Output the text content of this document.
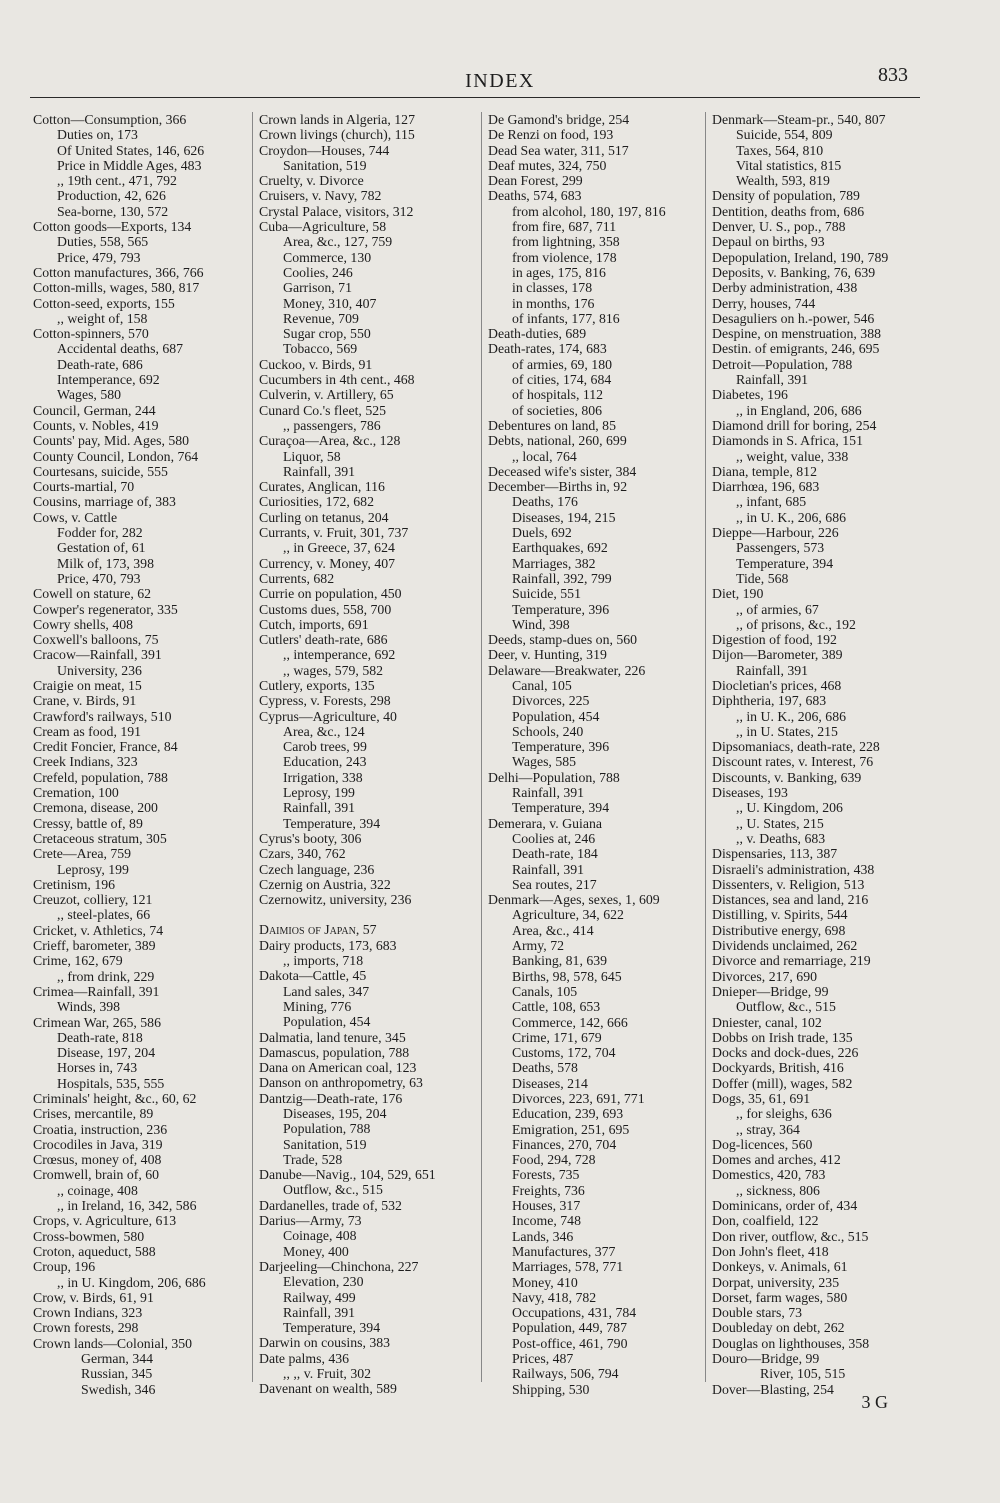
INDEX	833
Cotton—Consumption, 366
Duties on, 173
Of United States, 146, 626
Price in Middle Ages, 483
,, 19th cent., 471, 792
Production, 42, 626
Sea-borne, 130, 572
Cotton goods—Exports, 134
Duties, 558, 565
Price, 479, 793
Cotton manufactures, 366, 766
Cotton-mills, wages, 580, 817
Cotton-seed, exports, 155
,, weight of, 158
Cotton-spinners, 570
Accidental deaths, 687
Death-rate, 686
Intemperance, 692
Wages, 580
Council, German, 244
Counts, v. Nobles, 419
Counts' pay, Mid. Ages, 580
County Council, London, 764
Courtesans, suicide, 555
Courts-martial, 70
Cousins, marriage of, 383
Cows, v. Cattle
Fodder for, 282
Gestation of, 61
Milk of, 173, 398
Price, 470, 793
Cowell on stature, 62
Cowper's regenerator, 335
Cowry shells, 408
Coxwell's balloons, 75
Cracow—Rainfall, 391
University, 236
Craigie on meat, 15
Crane, v. Birds, 91
Crawford's railways, 510
Cream as food, 191
Credit Foncier, France, 84
Creek Indians, 323
Crefeld, population, 788
Cremation, 100
Cremona, disease, 200
Cressy, battle of, 89
Cretaceous stratum, 305
Crete—Area, 759
Leprosy, 199
Cretinism, 196
Creuzot, colliery, 121
,, steel-plates, 66
Cricket, v. Athletics, 74
Crieff, barometer, 389
Crime, 162, 679
,, from drink, 229
Crimea—Rainfall, 391
Winds, 398
Crimean War, 265, 586
Death-rate, 818
Disease, 197, 204
Horses in, 743
Hospitals, 535, 555
Criminals' height, &c., 60, 62
Crises, mercantile, 89
Croatia, instruction, 236
Crocodiles in Java, 319
Crœsus, money of, 408
Cromwell, brain of, 60
,, coinage, 408
,, in Ireland, 16, 342, 586
Crops, v. Agriculture, 613
Cross-bowmen, 580
Croton, aqueduct, 588
Croup, 196
,, in U. Kingdom, 206, 686
Crow, v. Birds, 61, 91
Crown Indians, 323
Crown forests, 298
Crown lands—Colonial, 350
German, 344
Russian, 345
Swedish, 346
Crown lands in Algeria, 127
Crown livings (church), 115
Croydon—Houses, 744
Sanitation, 519
Cruelty, v. Divorce
Cruisers, v. Navy, 782
Crystal Palace, visitors, 312
Cuba—Agriculture, 58
Area, &c., 127, 759
Commerce, 130
Coolies, 246
Garrison, 71
Money, 310, 407
Revenue, 709
Sugar crop, 550
Tobacco, 569
Cuckoo, v. Birds, 91
Cucumbers in 4th cent., 468
Culverin, v. Artillery, 65
Cunard Co.'s fleet, 525
,, passengers, 786
Curaçoa—Area, &c., 128
Liquor, 58
Rainfall, 391
Curates, Anglican, 116
Curiosities, 172, 682
Curling on tetanus, 204
Currants, v. Fruit, 301, 737
,, in Greece, 37, 624
Currency, v. Money, 407
Currents, 682
Currie on population, 450
Customs dues, 558, 700
Cutch, imports, 691
Cutlers' death-rate, 686
,, intemperance, 692
,, wages, 579, 582
Cutlery, exports, 135
Cypress, v. Forests, 298
Cyprus—Agriculture, 40
Area, &c., 124
Carob trees, 99
Education, 243
Irrigation, 338
Leprosy, 199
Rainfall, 391
Temperature, 394
Cyrus's booty, 306
Czars, 340, 762
Czech language, 236
Czernig on Austria, 322
Czernowitz, university, 236
Daimios of Japan, 57
Dairy products, 173, 683
,, imports, 718
Dakota—Cattle, 45
Land sales, 347
Mining, 776
Population, 454
Dalmatia, land tenure, 345
Damascus, population, 788
Dana on American coal, 123
Danson on anthropometry, 63
Dantzig—Death-rate, 176
Diseases, 195, 204
Population, 788
Sanitation, 519
Trade, 528
Danube—Navig., 104, 529, 651
Outflow, &c., 515
Dardanelles, trade of, 532
Darius—Army, 73
Coinage, 408
Money, 400
Darjeeling—Chinchona, 227
Elevation, 230
Railway, 499
Rainfall, 391
Temperature, 394
Darwin on cousins, 383
Date palms, 436
,, ,, v. Fruit, 302
Davenant on wealth, 589
De Gamond's bridge, 254
De Renzi on food, 193
Dead Sea water, 311, 517
Deaf mutes, 324, 750
Dean Forest, 299
Deaths, 574, 683
from alcohol, 180, 197, 816
from fire, 687, 711
from lightning, 358
from violence, 178
in ages, 175, 816
in classes, 178
in months, 176
of infants, 177, 816
Death-duties, 689
Death-rates, 174, 683
of armies, 69, 180
of cities, 174, 684
of hospitals, 112
of societies, 806
Debentures on land, 85
Debts, national, 260, 699
,, local, 764
Deceased wife's sister, 384
December—Births in, 92
Deaths, 176
Diseases, 194, 215
Duels, 692
Earthquakes, 692
Marriages, 382
Rainfall, 392, 799
Suicide, 551
Temperature, 396
Wind, 398
Deeds, stamp-dues on, 560
Deer, v. Hunting, 319
Delaware—Breakwater, 226
Canal, 105
Divorces, 225
Population, 454
Schools, 240
Temperature, 396
Wages, 585
Delhi—Population, 788
Rainfall, 391
Temperature, 394
Demerara, v. Guiana
Coolies at, 246
Death-rate, 184
Rainfall, 391
Sea routes, 217
Denmark—Ages, sexes, 1, 609
Agriculture, 34, 622
Area, &c., 414
Army, 72
Banking, 81, 639
Births, 98, 578, 645
Canals, 105
Cattle, 108, 653
Commerce, 142, 666
Crime, 171, 679
Customs, 172, 704
Deaths, 578
Diseases, 214
Divorces, 223, 691, 771
Education, 239, 693
Emigration, 251, 695
Finances, 270, 704
Food, 294, 728
Forests, 735
Freights, 736
Houses, 317
Income, 748
Lands, 346
Manufactures, 377
Marriages, 578, 771
Money, 410
Navy, 418, 782
Occupations, 431, 784
Population, 449, 787
Post-office, 461, 790
Prices, 487
Railways, 506, 794
Shipping, 530
Denmark—Steam-pr., 540, 807
Suicide, 554, 809
Taxes, 564, 810
Vital statistics, 815
Wealth, 593, 819
Density of population, 789
Dentition, deaths from, 686
Denver, U. S., pop., 788
Depaul on births, 93
Depopulation, Ireland, 190, 789
Deposits, v. Banking, 76, 639
Derby administration, 438
Derry, houses, 744
Desaguliers on h.-power, 546
Despine, on menstruation, 388
Destin. of emigrants, 246, 695
Detroit—Population, 788
Rainfall, 391
Diabetes, 196
,, in England, 206, 686
Diamond drill for boring, 254
Diamonds in S. Africa, 151
,, weight, value, 338
Diana, temple, 812
Diarrhœa, 196, 683
,, infant, 685
,, in U. K., 206, 686
Dieppe—Harbour, 226
Passengers, 573
Temperature, 394
Tide, 568
Diet, 190
,, of armies, 67
,, of prisons, &c., 192
Digestion of food, 192
Dijon—Barometer, 389
Rainfall, 391
Diocletian's prices, 468
Diphtheria, 197, 683
,, in U. K., 206, 686
,, in U. States, 215
Dipsomaniacs, death-rate, 228
Discount rates, v. Interest, 76
Discounts, v. Banking, 639
Diseases, 193
,, U. Kingdom, 206
,, U. States, 215
,, v. Deaths, 683
Dispensaries, 113, 387
Disraeli's administration, 438
Dissenters, v. Religion, 513
Distances, sea and land, 216
Distilling, v. Spirits, 544
Distributive energy, 698
Dividends unclaimed, 262
Divorce and remarriage, 219
Divorces, 217, 690
Dnieper—Bridge, 99
Outflow, &c., 515
Dniester, canal, 102
Dobbs on Irish trade, 135
Docks and dock-dues, 226
Dockyards, British, 416
Doffer (mill), wages, 582
Dogs, 35, 61, 691
,, for sleighs, 636
,, stray, 364
Dog-licences, 560
Domes and arches, 412
Domestics, 420, 783
,, sickness, 806
Dominicans, order of, 434
Don, coalfield, 122
Don river, outflow, &c., 515
Don John's fleet, 418
Donkeys, v. Animals, 61
Dorpat, university, 235
Dorset, farm wages, 580
Double stars, 73
Doubleday on debt, 262
Douglas on lighthouses, 358
Douro—Bridge, 99
River, 105, 515
Dover—Blasting, 254
3 G
